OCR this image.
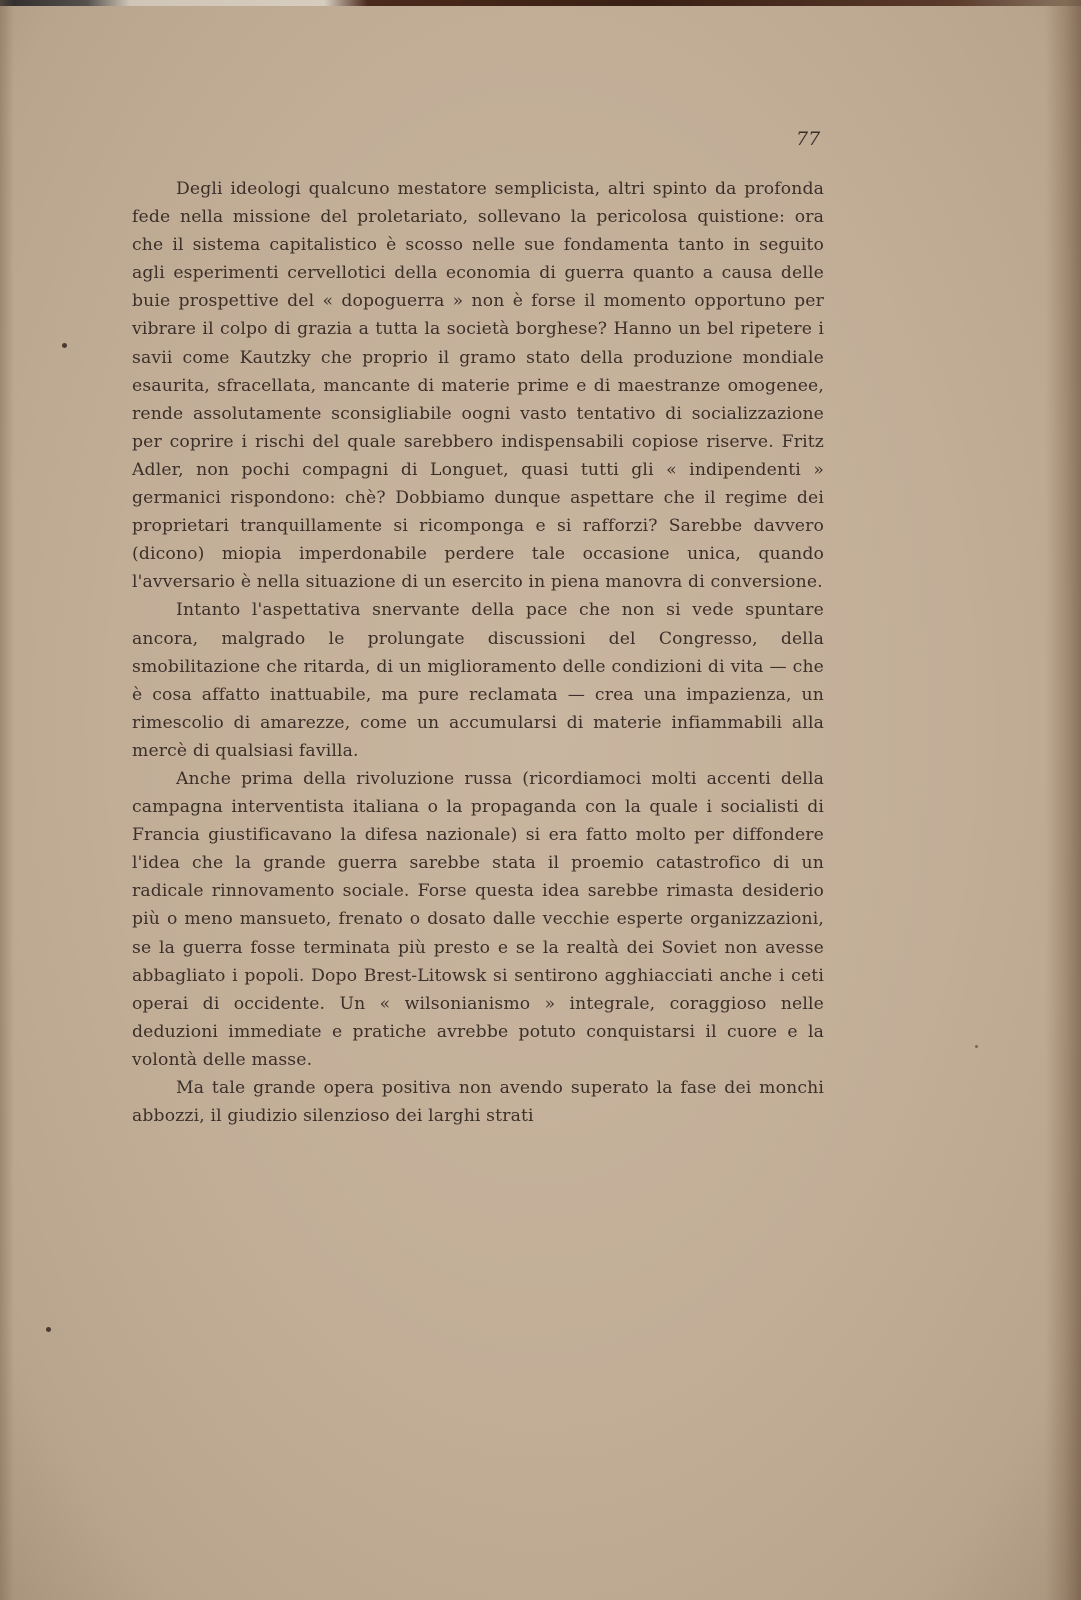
77

Degli ideologi qualcuno mestatore semplicista, altri spinto da profonda fede nella missione del proletariato, sollevano la pericolosa quistione: ora che il sistema capitalistico è scosso nelle sue fondamenta tanto in seguito agli esperimenti cervellotici della economia di guerra quanto a causa delle buie prospettive del « dopoguerra » non è forse il momento opportuno per vibrare il colpo di grazia a tutta la società borghese? Hanno un bel ripetere i savii come Kautzky che proprio il gramo stato della produzione mondiale esaurita, sfracellata, mancante di materie prime e di maestranze omogenee, rende assolutamente sconsigliabile oogni vasto tentativo di socializzazione per coprire i rischi del quale sarebbero indispensabili copiose riserve. Fritz Adler, non pochi compagni di Longuet, quasi tutti gli « indipendenti » germanici rispondono: chè? Dobbiamo dunque aspettare che il regime dei proprietari tranquillamente si ricomponga e si rafforzi? Sarebbe davvero (dicono) miopia imperdonabile perdere tale occasione unica, quando l'avversario è nella situazione di un esercito in piena manovra di conversione.

Intanto l'aspettativa snervante della pace che non si vede spuntare ancora, malgrado le prolungate discussioni del Congresso, della smobilitazione che ritarda, di un miglioramento delle condizioni di vita — che è cosa affatto inattuabile, ma pure reclamata — crea una impazienza, un rimescolio di amarezze, come un accumularsi di materie infiammabili alla mercè di qualsiasi favilla.

Anche prima della rivoluzione russa (ricordiamoci molti accenti della campagna interventista italiana o la propaganda con la quale i socialisti di Francia giustificavano la difesa nazionale) si era fatto molto per diffondere l'idea che la grande guerra sarebbe stata il proemio catastrofico di un radicale rinnovamento sociale. Forse questa idea sarebbe rimasta desiderio più o meno mansueto, frenato o dosato dalle vecchie esperte organizzazioni, se la guerra fosse terminata più presto e se la realtà dei Soviet non avesse abbagliato i popoli. Dopo Brest-Litowsk si sentirono agghiacciati anche i ceti operai di occidente. Un « wilsonianismo » integrale, coraggioso nelle deduzioni immediate e pratiche avrebbe potuto conquistarsi il cuore e la volontà delle masse.

Ma tale grande opera positiva non avendo superato la fase dei monchi abbozzi, il giudizio silenzioso dei larghi strati
